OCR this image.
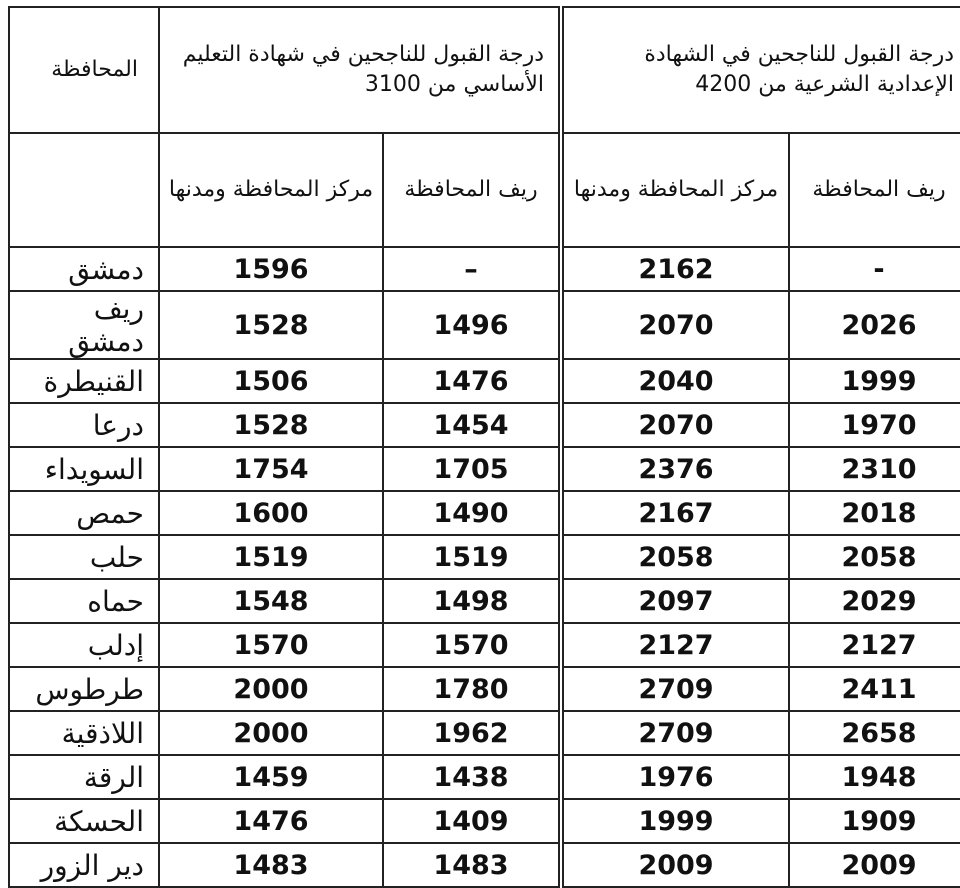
المحافظة	درجة القبول للناجحين في شهادة التعليم الأساسي من 3100		درجة القبول للناجحين في الشهادة الإعدادية الشرعية من 4200	
	مركز المحافظة ومدنها	ريف المحافظة	مركز المحافظة ومدنها	ريف المحافظة
دمشق	1596	–	2162	-
ريف دمشق	1528	1496	2070	2026
القنيطرة	1506	1476	2040	1999
درعا	1528	1454	2070	1970
السويداء	1754	1705	2376	2310
حمص	1600	1490	2167	2018
حلب	1519	1519	2058	2058
حماه	1548	1498	2097	2029
إدلب	1570	1570	2127	2127
طرطوس	2000	1780	2709	2411
اللاذقية	2000	1962	2709	2658
الرقة	1459	1438	1976	1948
الحسكة	1476	1409	1999	1909
دير الزور	1483	1483	2009	2009
